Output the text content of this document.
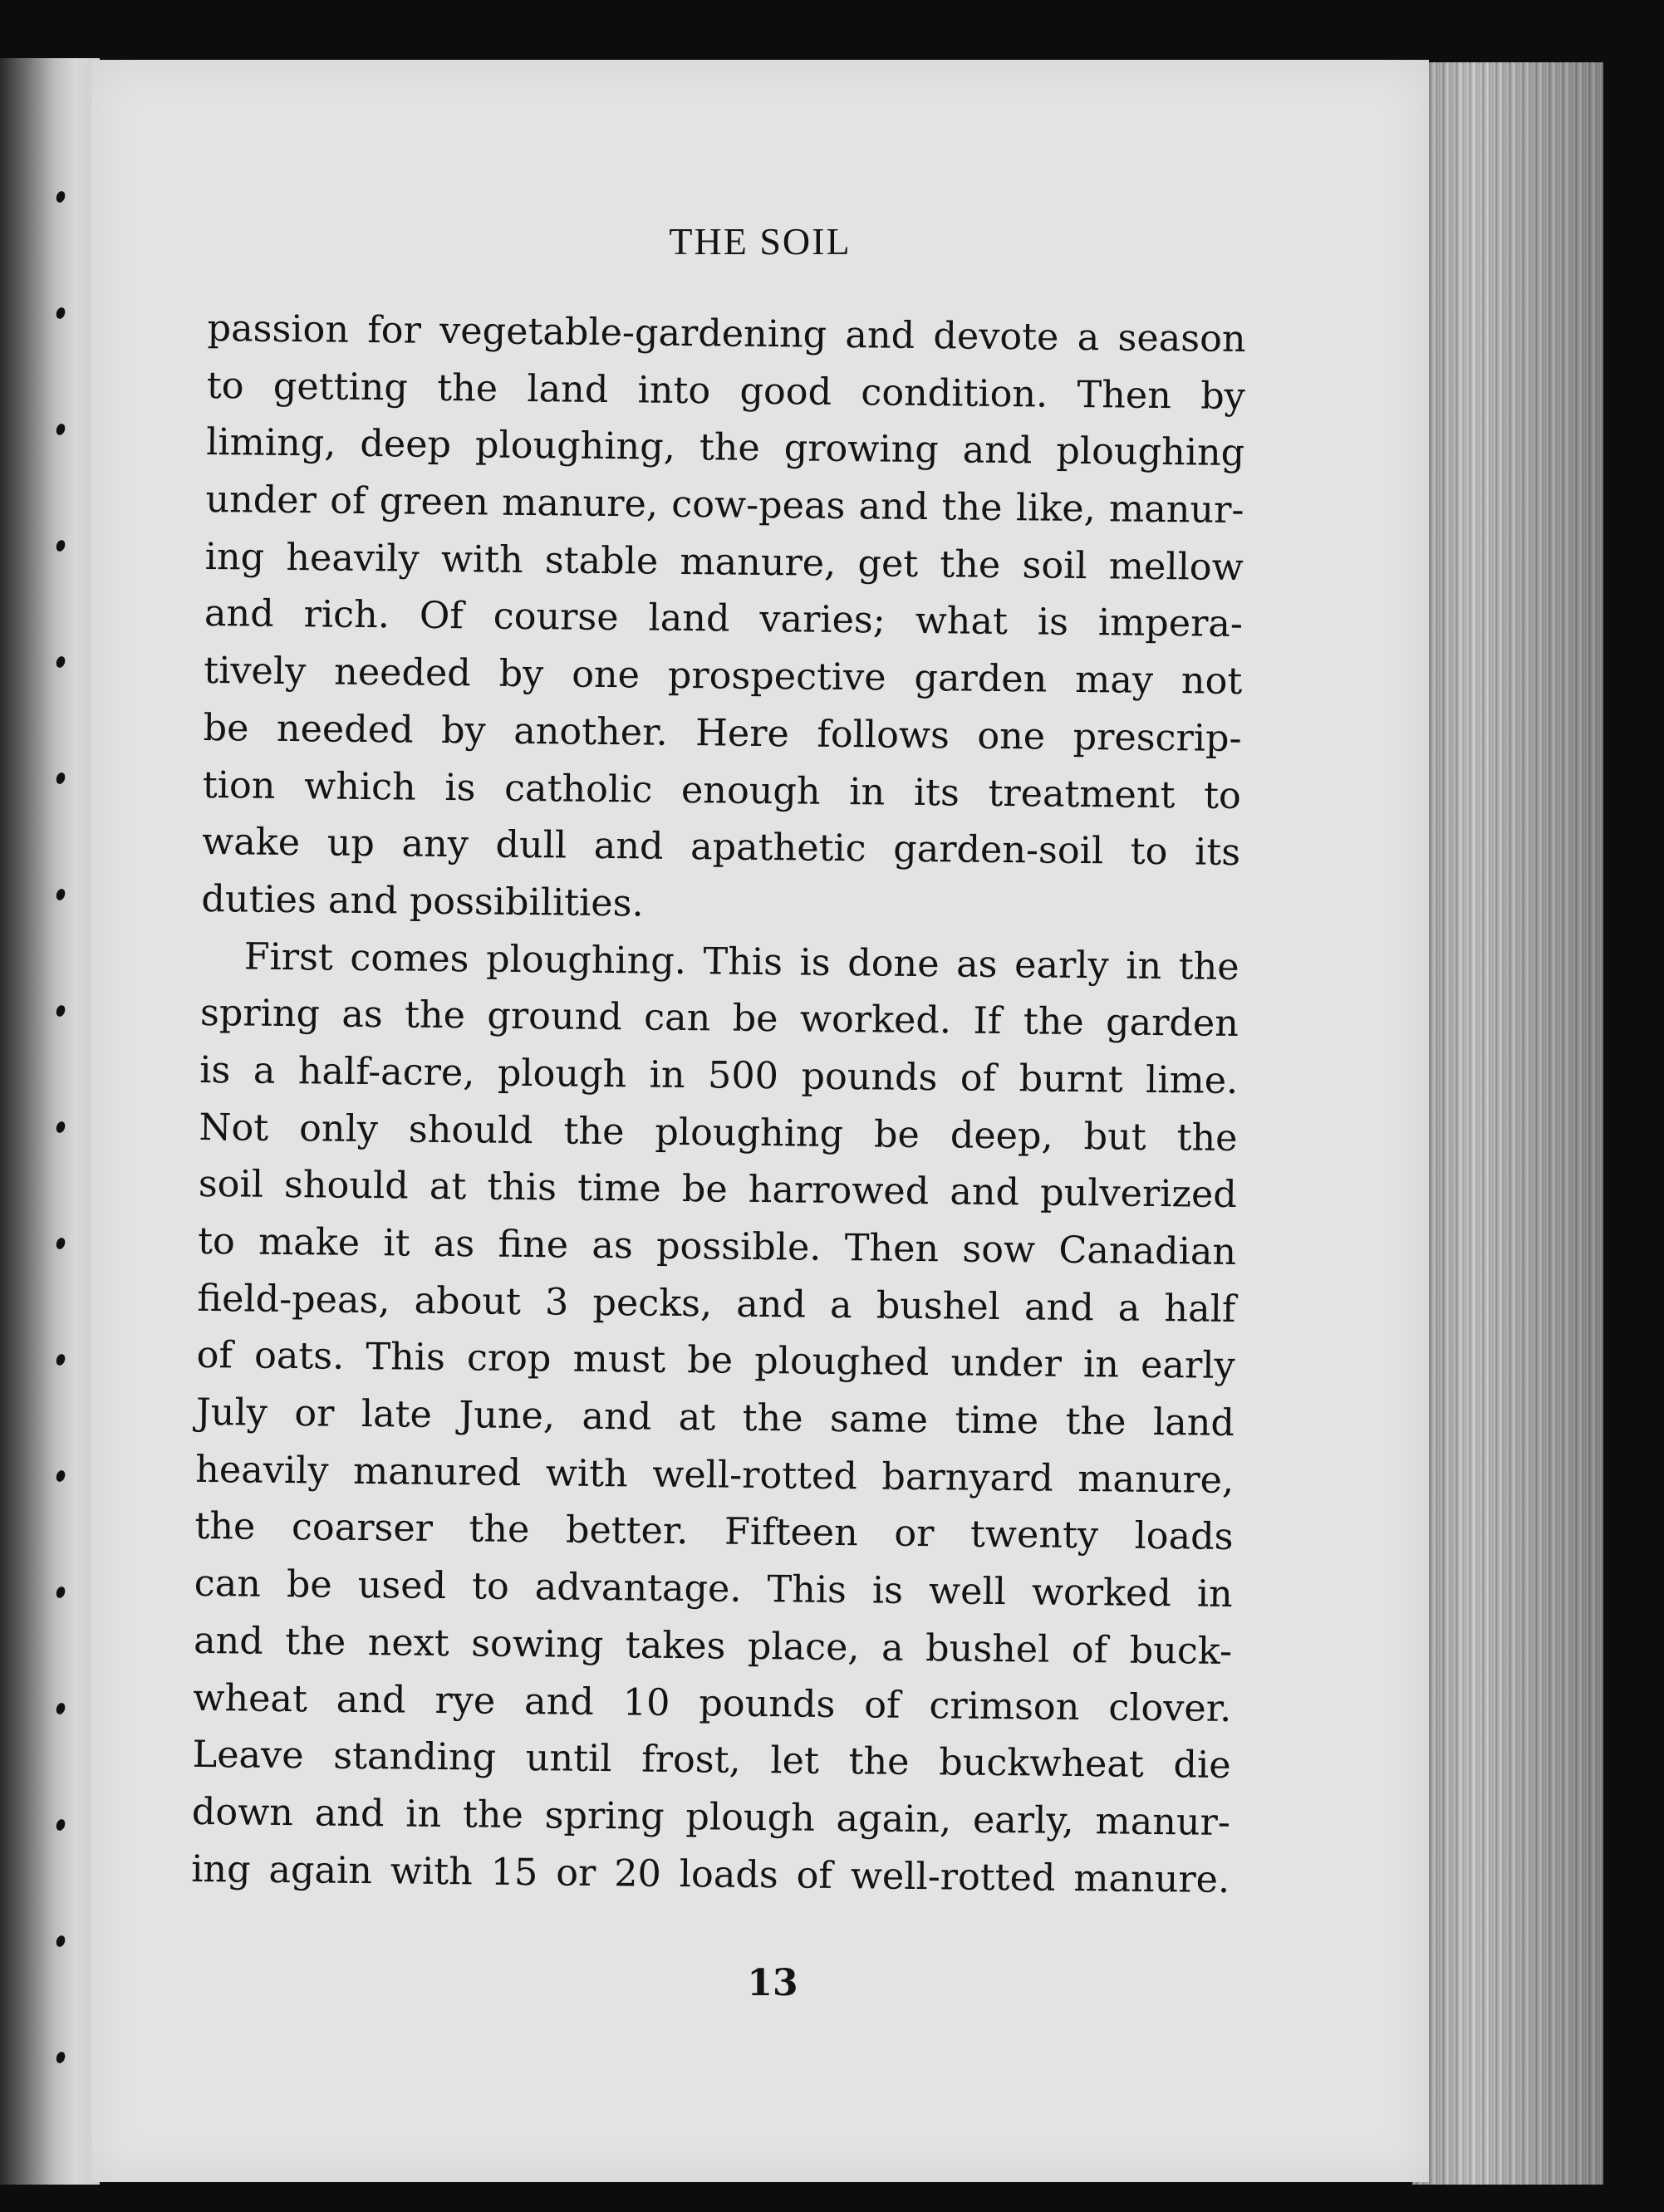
THE SOIL
passion for vegetable-gardening and devote a season
to getting the land into good condition. Then by
liming, deep ploughing, the growing and ploughing
under of green manure, cow-peas and the like, manur-
ing heavily with stable manure, get the soil mellow
and rich. Of course land varies; what is impera-
tively needed by one prospective garden may not
be needed by another. Here follows one prescrip-
tion which is catholic enough in its treatment to
wake up any dull and apathetic garden-soil to its
duties and possibilities.
First comes ploughing. This is done as early in the
spring as the ground can be worked. If the garden
is a half-acre, plough in 500 pounds of burnt lime.
Not only should the ploughing be deep, but the
soil should at this time be harrowed and pulverized
to make it as fine as possible. Then sow Canadian
field-peas, about 3 pecks, and a bushel and a half
of oats. This crop must be ploughed under in early
July or late June, and at the same time the land
heavily manured with well-rotted barnyard manure,
the coarser the better. Fifteen or twenty loads
can be used to advantage. This is well worked in
and the next sowing takes place, a bushel of buck-
wheat and rye and 10 pounds of crimson clover.
Leave standing until frost, let the buckwheat die
down and in the spring plough again, early, manur-
ing again with 15 or 20 loads of well-rotted manure.
13
